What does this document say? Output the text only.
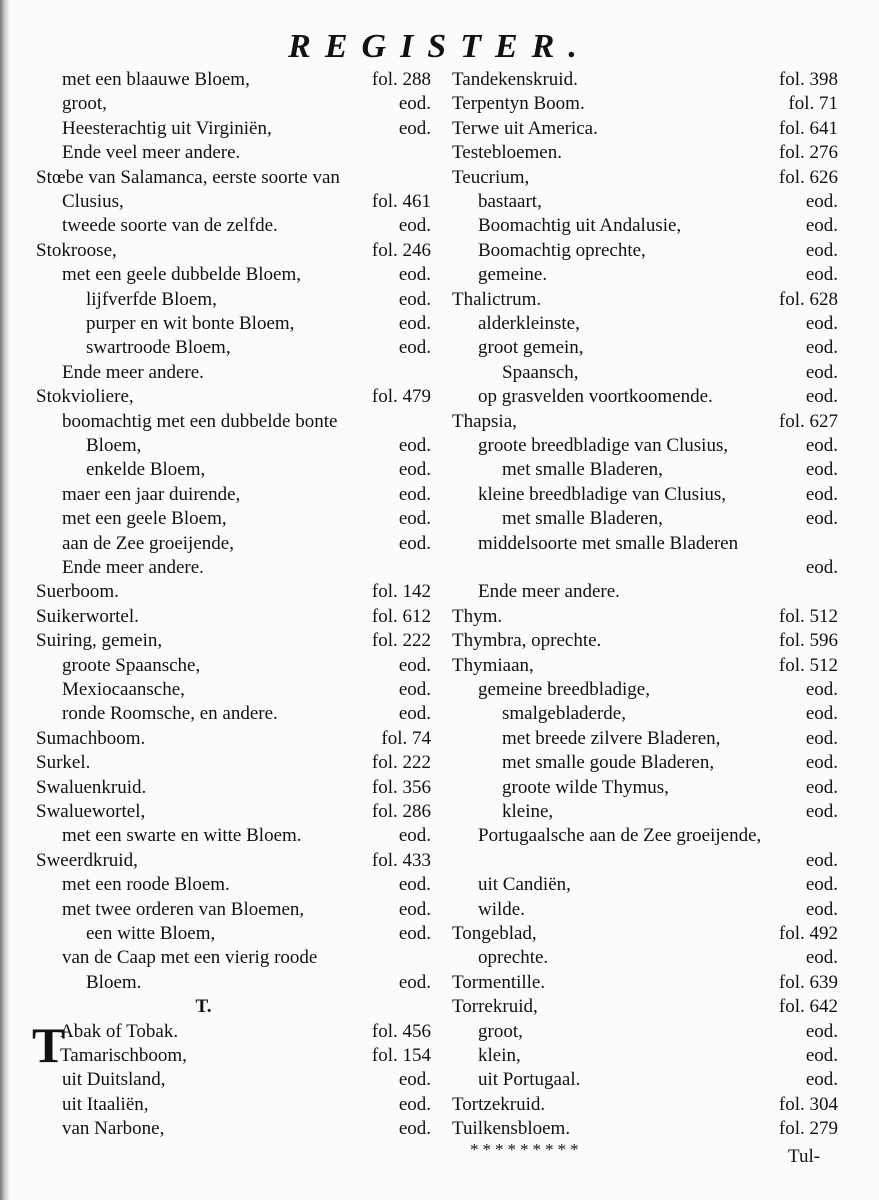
REGISTER.
met een blaauwe Bloem,	fol. 288
groot,	eod.
Heesterachtig uit Virginiën,	eod.
Ende veel meer andere.
Stœbe van Salamanca, eerste soorte van
Clusius,	fol. 461
tweede soorte van de zelfde.	eod.
Stokroose,	fol. 246
met een geele dubbelde Bloem,	eod.
lijfverfde Bloem,	eod.
purper en wit bonte Bloem,	eod.
swartroode Bloem,	eod.
Ende meer andere.
Stokvioliere,	fol. 479
boomachtig met een dubbelde bonte
Bloem,	eod.
enkelde Bloem,	eod.
maer een jaar duirende,	eod.
met een geele Bloem,	eod.
aan de Zee groeijende,	eod.
Ende meer andere.
Suerboom.	fol. 142
Suikerwortel.	fol. 612
Suiring, gemein,	fol. 222
groote Spaansche,	eod.
Mexiocaansche,	eod.
ronde Roomsche, en andere.	eod.
Sumachboom.	fol. 74
Surkel.	fol. 222
Swaluenkruid.	fol. 356
Swaluewortel,	fol. 286
met een swarte en witte Bloem.	eod.
Sweerdkruid,	fol. 433
met een roode Bloem.	eod.
met twee orderen van Bloemen,	eod.
een witte Bloem,	eod.
van de Caap met een vierig roode
Bloem.	eod.
T.
T
Abak of Tobak.	fol. 456
Tamarischboom,	fol. 154
uit Duitsland,	eod.
uit Itaaliën,	eod.
van Narbone,	eod.
Tandekenskruid.	fol. 398
Terpentyn Boom.	fol. 71
Terwe uit America.	fol. 641
Testebloemen.	fol. 276
Teucrium,	fol. 626
bastaart,	eod.
Boomachtig uit Andalusie,	eod.
Boomachtig oprechte,	eod.
gemeine.	eod.
Thalictrum.	fol. 628
alderkleinste,	eod.
groot gemein,	eod.
Spaansch,	eod.
op grasvelden voortkoomende.	eod.
Thapsia,	fol. 627
groote breedbladige van Clusius,	eod.
met smalle Bladeren,	eod.
kleine breedbladige van Clusius,	eod.
met smalle Bladeren,	eod.
middelsoorte met smalle Bladeren
eod.
Ende meer andere.
Thym.	fol. 512
Thymbra, oprechte.	fol. 596
Thymiaan,	fol. 512
gemeine breedbladige,	eod.
smalgebladerde,	eod.
met breede zilvere Bladeren,	eod.
met smalle goude Bladeren,	eod.
groote wilde Thymus,	eod.
kleine,	eod.
Portugaalsche aan de Zee groeijende,
eod.
uit Candiën,	eod.
wilde.	eod.
Tongeblad,	fol. 492
oprechte.	eod.
Tormentille.	fol. 639
Torrekruid,	fol. 642
groot,	eod.
klein,	eod.
uit Portugaal.	eod.
Tortzekruid.	fol. 304
Tuilkensbloem.	fol. 279
*********	Tul-
